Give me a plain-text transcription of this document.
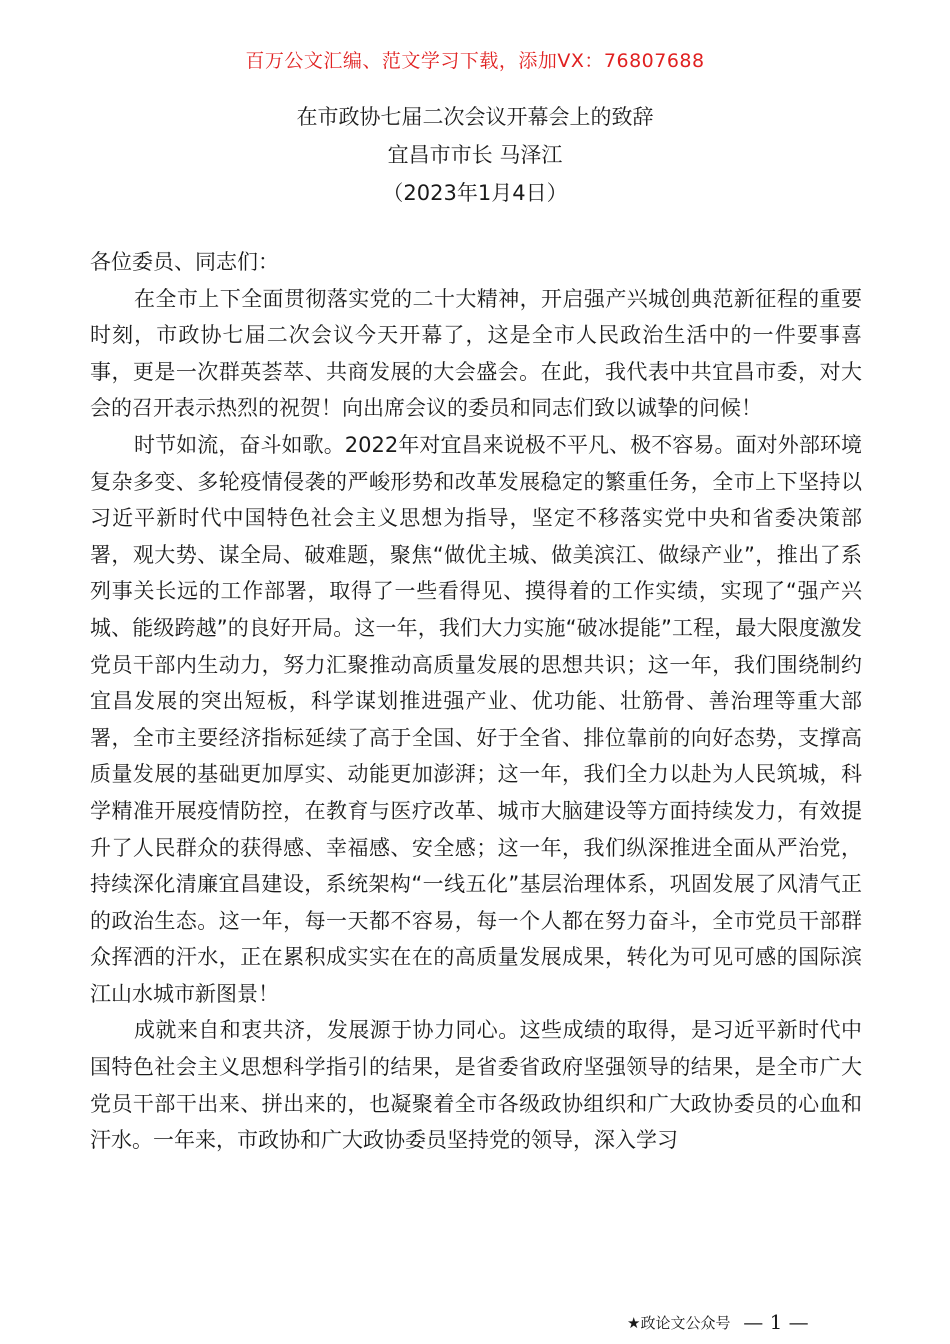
百万公文汇编、范文学习下载，添加VX：76807688
在市政协七届二次会议开幕会上的致辞
宜昌市市长 马泽江
（2023年1月4日）

各位委员、同志们：

在全市上下全面贯彻落实党的二十大精神，开启强产兴城创典范新征程的重要时刻，市政协七届二次会议今天开幕了，这是全市人民政治生活中的一件要事喜事，更是一次群英荟萃、共商发展的大会盛会。在此，我代表中共宜昌市委，对大会的召开表示热烈的祝贺！向出席会议的委员和同志们致以诚挚的问候！

时节如流，奋斗如歌。2022年对宜昌来说极不平凡、极不容易。面对外部环境复杂多变、多轮疫情侵袭的严峻形势和改革发展稳定的繁重任务，全市上下坚持以习近平新时代中国特色社会主义思想为指导，坚定不移落实党中央和省委决策部署，观大势、谋全局、破难题，聚焦“做优主城、做美滨江、做绿产业”，推出了系列事关长远的工作部署，取得了一些看得见、摸得着的工作实绩，实现了“强产兴城、能级跨越”的良好开局。这一年，我们大力实施“破冰提能”工程，最大限度激发党员干部内生动力，努力汇聚推动高质量发展的思想共识；这一年，我们围绕制约宜昌发展的突出短板，科学谋划推进强产业、优功能、壮筋骨、善治理等重大部署，全市主要经济指标延续了高于全国、好于全省、排位靠前的向好态势，支撑高质量发展的基础更加厚实、动能更加澎湃；这一年，我们全力以赴为人民筑城，科学精准开展疫情防控，在教育与医疗改革、城市大脑建设等方面持续发力，有效提升了人民群众的获得感、幸福感、安全感；这一年，我们纵深推进全面从严治党，持续深化清廉宜昌建设，系统架构“一线五化”基层治理体系，巩固发展了风清气正的政治生态。这一年，每一天都不容易，每一个人都在努力奋斗，全市党员干部群众挥洒的汗水，正在累积成实实在在的高质量发展成果，转化为可见可感的国际滨江山水城市新图景！

成就来自和衷共济，发展源于协力同心。这些成绩的取得，是习近平新时代中国特色社会主义思想科学指引的结果，是省委省政府坚强领导的结果，是全市广大党员干部干出来、拼出来的，也凝聚着全市各级政协组织和广大政协委员的心血和汗水。一年来，市政协和广大政协委员坚持党的领导，深入学习

★政论文公众号 — 1 —
